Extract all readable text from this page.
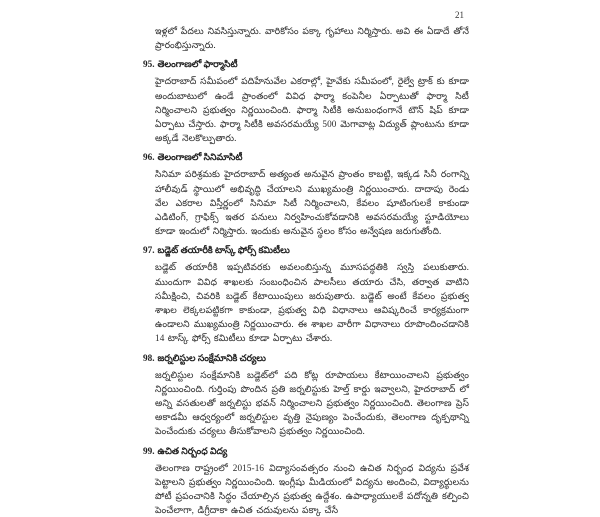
21

ఇళ్లలో పేదలు నివసిస్తున్నారు. వారికోసం పక్కా గృహాలు నిర్మిస్తారు. అవి ఈ ఏడాదే తోనే ప్రారంభిస్తున్నారు.

95. తెలంగాణలో ఫార్మాసిటీ

హైదరాబాద్ సమీపంలో పదిహేనువేల ఎకరాల్లో, హైవేకు సమీపంలో, రైల్వే ట్రాక్ కు కూడా అందుబాటులో ఉండే ప్రాంతంలో వివిధ ఫార్మా కంపెనీల ఏర్పాటుతో ఫార్మా సిటీ నిర్మించాలని ప్రభుత్వం నిర్ణయించింది. ఫార్మా సిటీకి అనుబంధంగానే టౌన్ షిప్ కూడా ఏర్పాటు చేస్తారు. ఫార్మా సిటీకి అవసరమయ్యే 500 మెగావాట్ల విద్యుత్ ప్లాంటును కూడా అక్కడే నెలకొల్పుతారు.

96. తెలంగాణలో సినిమాసిటీ

సినిమా పరిశ్రమకు హైదరాబాద్ అత్యంత అనువైన ప్రాంతం కాబట్టి, ఇక్కడ సినీ రంగాన్ని హాలీవుడ్ స్థాయిలో అభివృద్ధి చేయాలని ముఖ్యమంత్రి నిర్ణయించారు. దాదాపు రెండు వేల ఎకరాల విస్తీర్ణంలో సినిమా సిటీ నిర్మించాలని, కేవలం షూటింగులకే కాకుండా ఎడిటింగ్, గ్రాఫిక్స్ ఇతర పనులు నిర్వహించుకోవడానికి అవసరమయ్యే స్టూడియోలు కూడా ఇందులో నిర్మిస్తారు. ఇందుకు అనువైన స్థలం కోసం అన్వేషణ జరుగుతోంది.

97. బడ్జెట్ తయారీకి టాస్క్ ఫోర్స్ కమిటీలు

బడ్జెట్ తయారీకి ఇప్పటివరకు అవలంబిస్తున్న మూసపద్ధతికి స్వస్తి పలుకుతారు. ముందుగా వివిధ శాఖలకు సంబంధించిన పాలసీలు తయారు చేసి, తర్వాత వాటిని సమీక్షించి, చివరికి బడ్జెట్ కేటాయింపులు జరుపుతారు. బడ్జెట్ అంటే కేవలం ప్రభుత్వ శాఖల లెక్కలపట్టికగా కాకుండా, ప్రభుత్వ విధి విధానాలు ఆవిష్కరించే కార్యక్రమంగా ఉండాలని ముఖ్యమంత్రి నిర్ణయించారు. ఈ శాఖల వారీగా విధానాలు రూపొందించడానికి 14 టాస్క్ ఫోర్స్ కమిటీలు కూడా ఏర్పాటు చేశారు.

98. జర్నలిస్టుల సంక్షేమానికి చర్యలు

జర్నలిస్టుల సంక్షేమానికి బడ్జెట్‌లో పది కోట్ల రూపాయలు కేటాయించాలని ప్రభుత్వం నిర్ణయించింది. గుర్తింపు పొందిన ప్రతి జర్నలిస్టుకు హెల్త్ కార్డు ఇవ్వాలని, హైదరాబాద్ లో అన్ని వసతులతో జర్నలిస్టు భవన్ నిర్మించాలని ప్రభుత్వం నిర్ణయించింది. తెలంగాణ ప్రెస్ అకాడమీ ఆధ్వర్యంలో జర్నలిస్టుల వృత్తి నైపుణ్యం పెంచేందుకు, తెలంగాణ దృక్పథాన్ని పెంచేందుకు చర్యలు తీసుకోవాలని ప్రభుత్వం నిర్ణయించింది.

99. ఉచిత నిర్బంధ విద్య

తెలంగాణ రాష్ట్రంలో 2015-16 విద్యాసంవత్సరం నుంచి ఉచిత నిర్బంధ విద్యను ప్రవేశ పెట్టాలని ప్రభుత్వం నిర్ణయించింది. ఇంగ్లీషు మీడియంలో విద్యను అందించి, విద్యార్థులను పోటీ ప్రపంచానికి సిద్ధం చేయాల్సిన ప్రభుత్వ ఉద్దేశం. ఉపాధ్యాయులకే పదోన్నతి కల్పించి పెంచేలాగా, డిగ్రీదాకా ఉచిత చదువులను పక్కా చేసే
